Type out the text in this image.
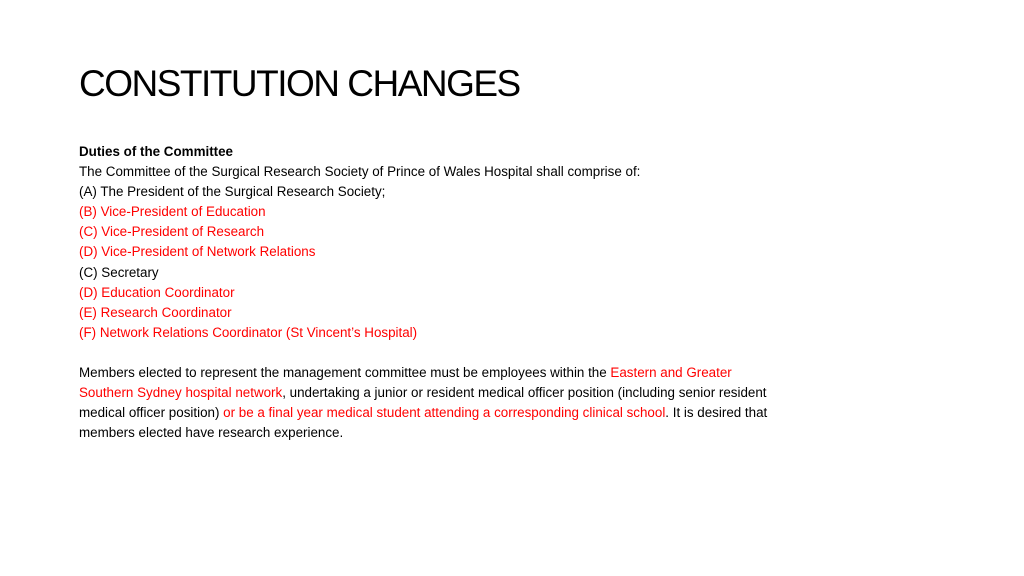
CONSTITUTION CHANGES
Duties of the Committee
The Committee of the Surgical Research Society of Prince of Wales Hospital shall comprise of:
(A) The President of the Surgical Research Society;
(B) Vice-President of Education
(C) Vice-President of Research
(D) Vice-President of Network Relations
(C) Secretary
(D) Education Coordinator
(E) Research Coordinator
(F) Network Relations Coordinator (St Vincent’s Hospital)

Members elected to represent the management committee must be employees within the Eastern and Greater Southern Sydney hospital network, undertaking a junior or resident medical officer position (including senior resident medical officer position) or be a final year medical student attending a corresponding clinical school. It is desired that members elected have research experience.
